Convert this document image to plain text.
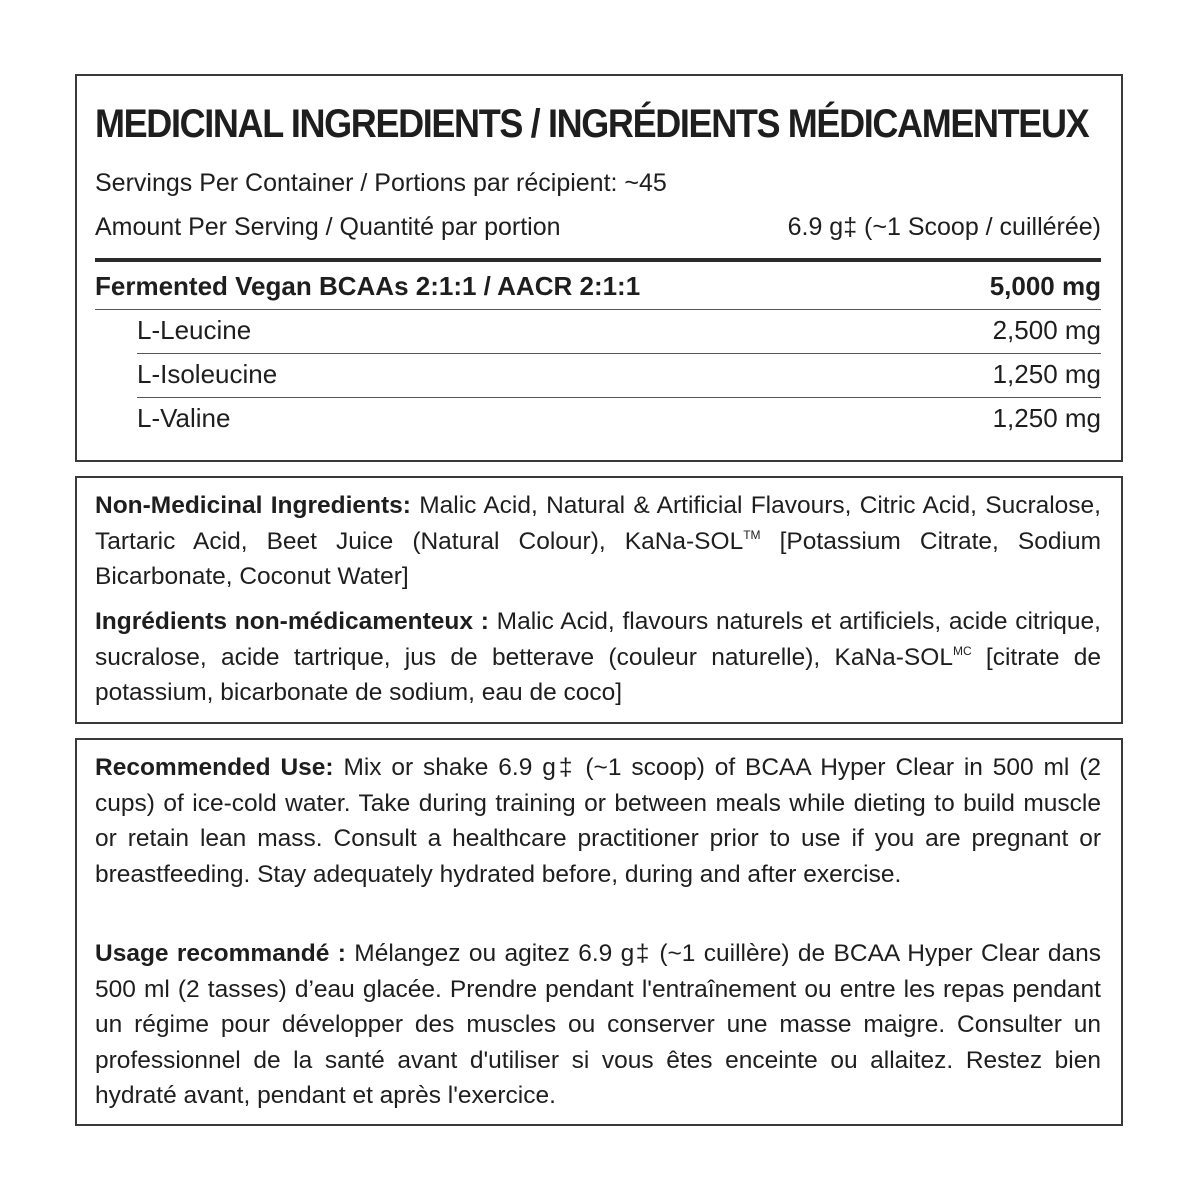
MEDICINAL INGREDIENTS / INGRÉDIENTS MÉDICAMENTEUX
Servings Per Container / Portions par récipient: ~45
Amount Per Serving / Quantité par portion	6.9 g‡ (~1 Scoop / cuillérée)
Fermented Vegan BCAAs 2:1:1 / AACR 2:1:1	5,000 mg
L-Leucine	2,500 mg
L-Isoleucine	1,250 mg
L-Valine	1,250 mg
Non-Medicinal Ingredients: Malic Acid, Natural & Artificial Flavours, Citric Acid, Sucralose, Tartaric Acid, Beet Juice (Natural Colour), KaNa-SOL™ [Potassium Citrate, Sodium Bicarbonate, Coconut Water]
Ingrédients non-médicamenteux : Malic Acid, flavours naturels et artificiels, acide citrique, sucralose, acide tartrique, jus de betterave (couleur naturelle), KaNa-$SOL^{MC}$ [citrate de potassium, bicarbonate de sodium, eau de coco]
Recommended Use: Mix or shake 6.9 g‡ (~1 scoop) of BCAA Hyper Clear in 500 ml (2 cups) of ice-cold water. Take during training or between meals while dieting to build muscle or retain lean mass. Consult a healthcare practitioner prior to use if you are pregnant or breastfeeding. Stay adequately hydrated before, during and after exercise.
Usage recommandé : Mélangez ou agitez 6.9 g‡ (~1 cuillère) de BCAA Hyper Clear dans 500 ml (2 tasses) d’eau glacée. Prendre pendant l'entraînement ou entre les repas pendant un régime pour développer des muscles ou conserver une masse maigre. Consulter un professionnel de la santé avant d'utiliser si vous êtes enceinte ou allaitez. Restez bien hydraté avant, pendant et après l'exercice.
